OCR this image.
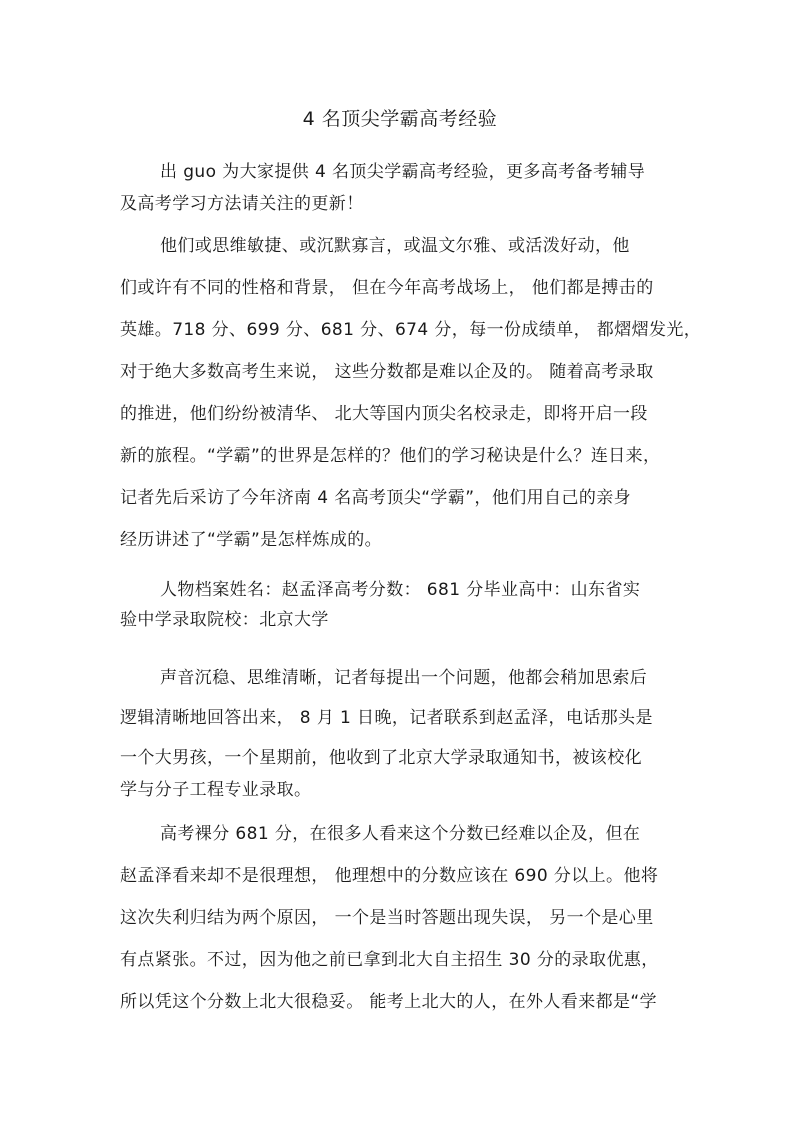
4 名顶尖学霸高考经验
出 guo 为大家提供 4 名顶尖学霸高考经验，更多高考备考辅导
及高考学习方法请关注的更新！
他们或思维敏捷、或沉默寡言，或温文尔雅、或活泼好动，他
们或许有不同的性格和背景， 但在今年高考战场上， 他们都是搏击的
英雄。718 分、699 分、681 分、674 分，每一份成绩单， 都熠熠发光，
对于绝大多数高考生来说， 这些分数都是难以企及的。 随着高考录取
的推进，他们纷纷被清华、 北大等国内顶尖名校录走，即将开启一段
新的旅程。“学霸”的世界是怎样的？他们的学习秘诀是什么？连日来，
记者先后采访了今年济南 4 名高考顶尖“学霸”，他们用自己的亲身
经历讲述了“学霸”是怎样炼成的。
人物档案姓名：赵孟泽高考分数： 681 分毕业高中：山东省实
验中学录取院校：北京大学
声音沉稳、思维清晰，记者每提出一个问题，他都会稍加思索后
逻辑清晰地回答出来， 8 月 1 日晚，记者联系到赵孟泽，电话那头是
一个大男孩，一个星期前，他收到了北京大学录取通知书，被该校化
学与分子工程专业录取。
高考裸分 681 分，在很多人看来这个分数已经难以企及，但在
赵孟泽看来却不是很理想， 他理想中的分数应该在 690 分以上。他将
这次失利归结为两个原因， 一个是当时答题出现失误， 另一个是心里
有点紧张。不过，因为他之前已拿到北大自主招生 30 分的录取优惠，
所以凭这个分数上北大很稳妥。 能考上北大的人，在外人看来都是“学
